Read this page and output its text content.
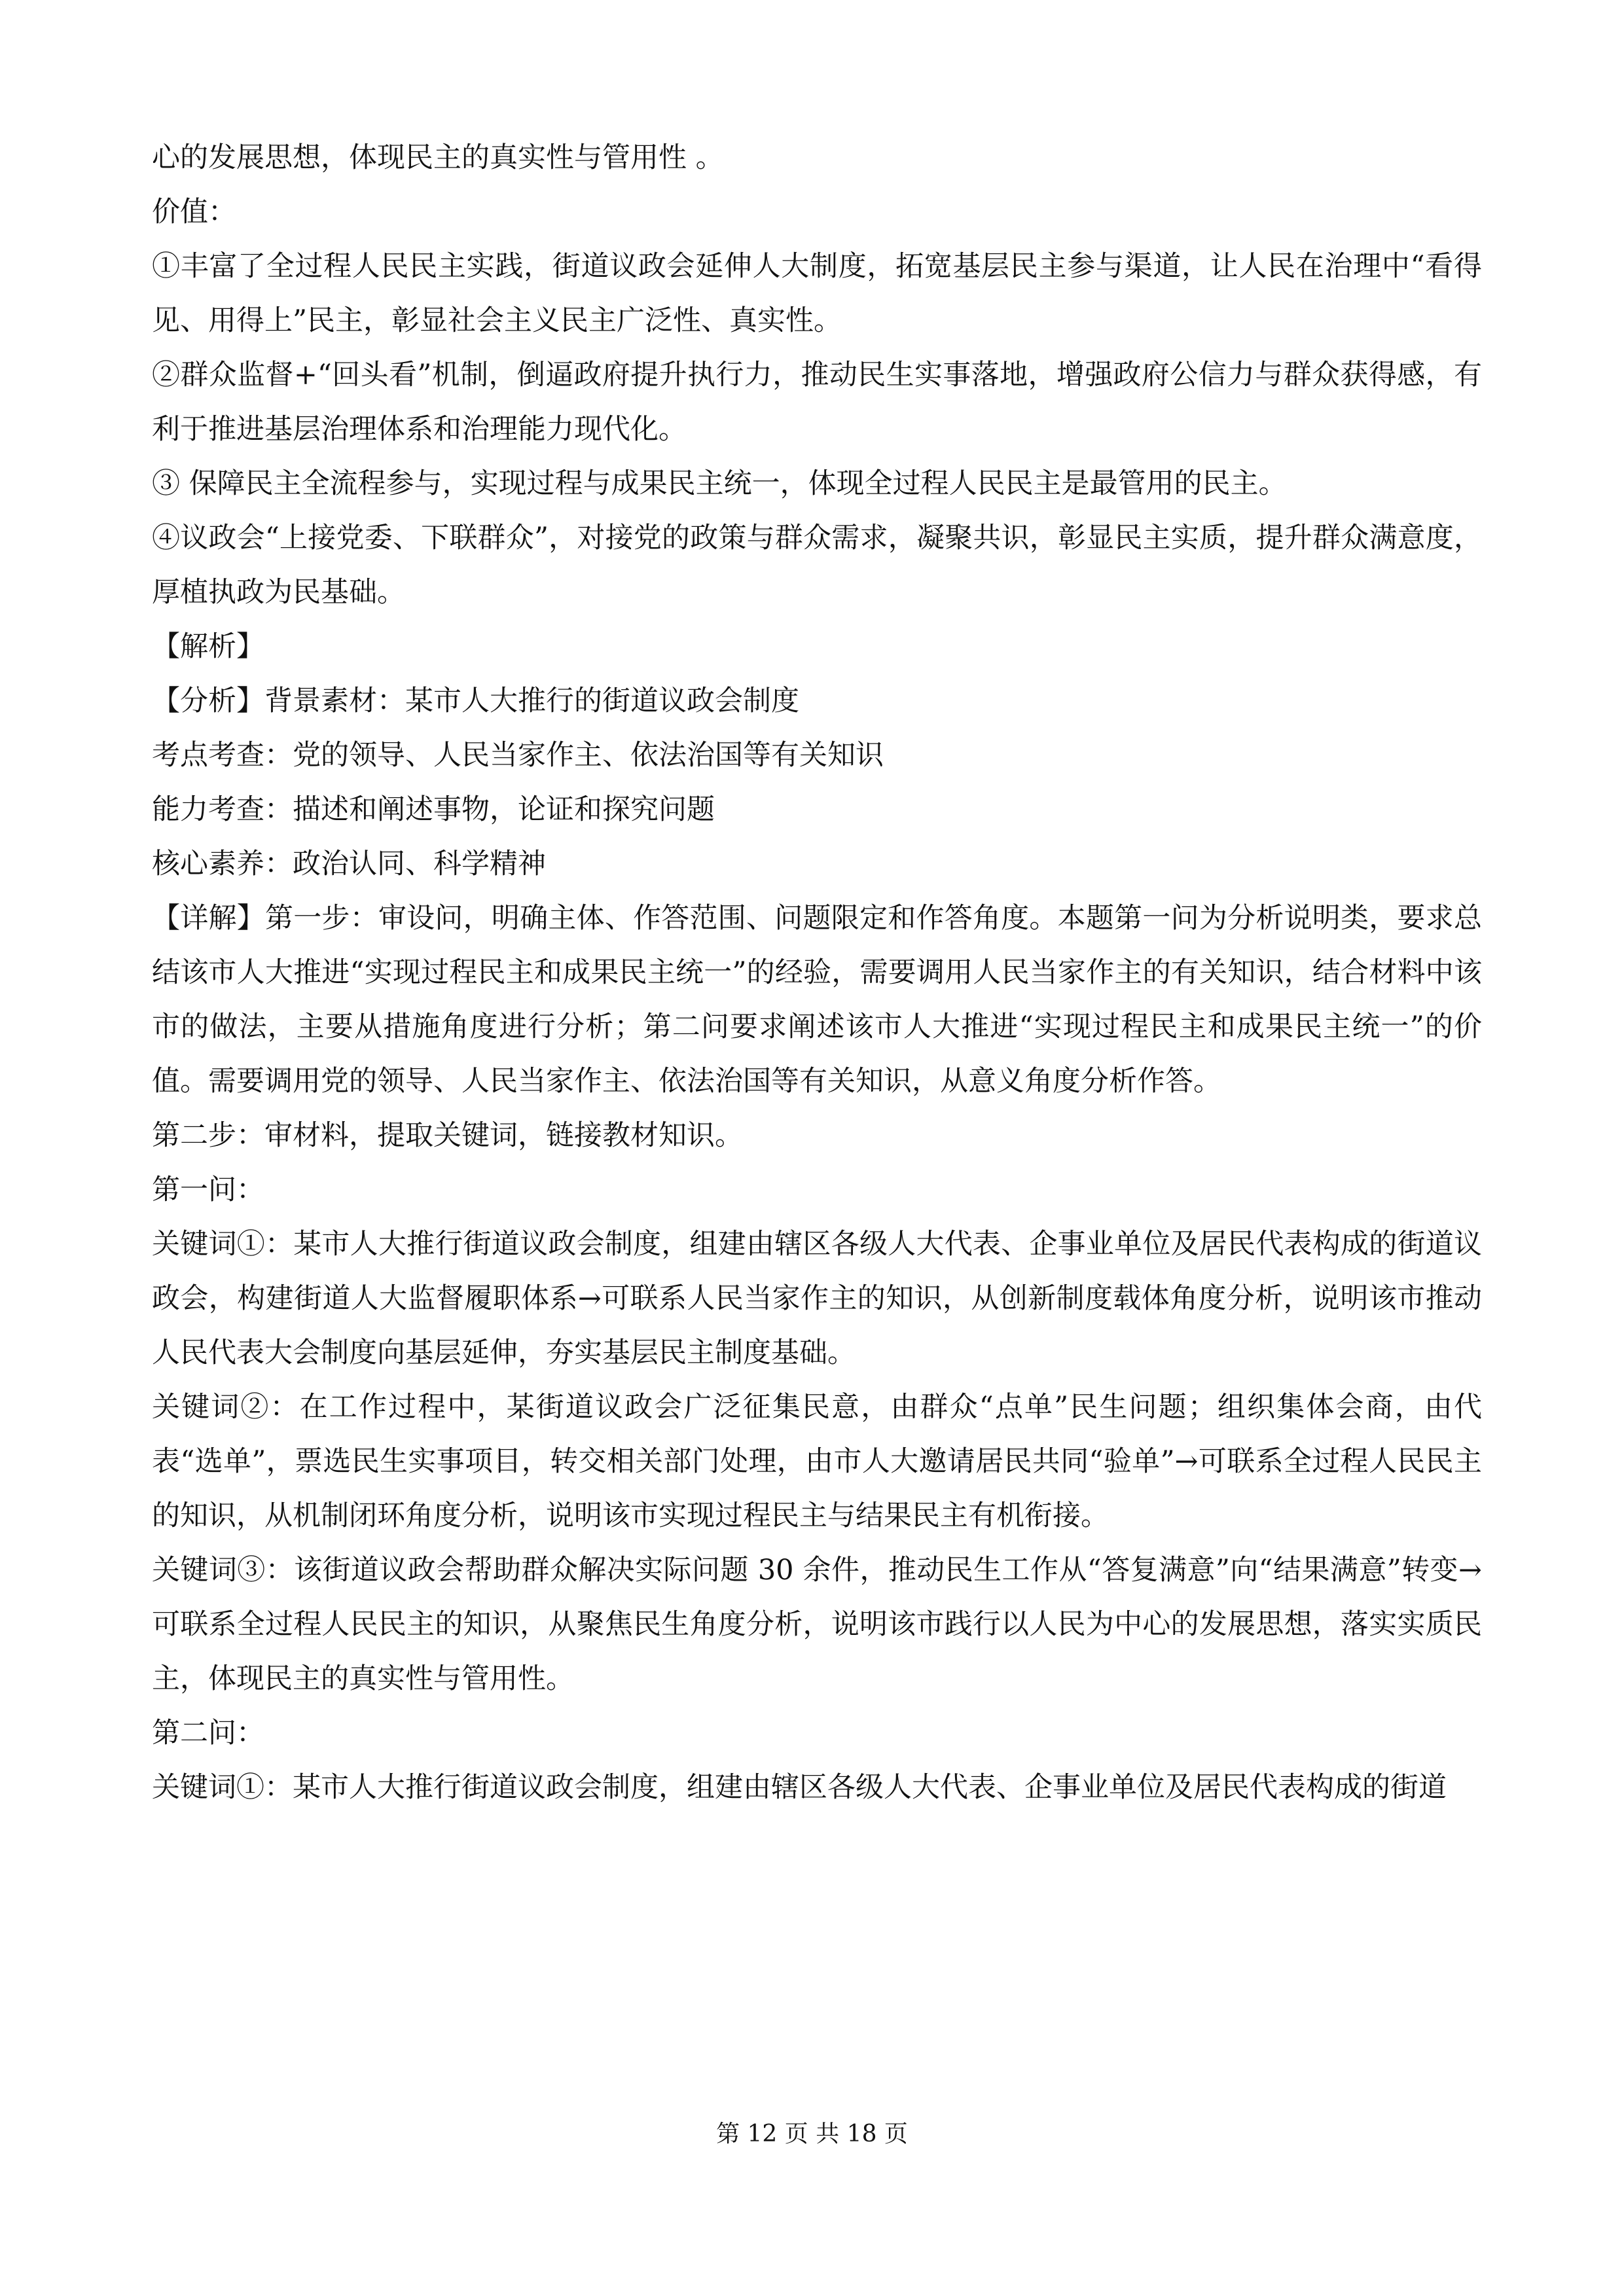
心的发展思想，体现民主的真实性与管用性 。

价值：

①丰富了全过程人民民主实践，街道议政会延伸人大制度，拓宽基层民主参与渠道，让人民在治理中“看得见、用得上”民主，彰显社会主义民主广泛性、真实性。

②群众监督+“回头看”机制，倒逼政府提升执行力，推动民生实事落地，增强政府公信力与群众获得感，有利于推进基层治理体系和治理能力现代化。

③ 保障民主全流程参与，实现过程与成果民主统一，体现全过程人民民主是最管用的民主。

④议政会“上接党委、下联群众”，对接党的政策与群众需求，凝聚共识，彰显民主实质，提升群众满意度，厚植执政为民基础。

【解析】

【分析】背景素材：某市人大推行的街道议政会制度

考点考查：党的领导、人民当家作主、依法治国等有关知识

能力考查：描述和阐述事物，论证和探究问题

核心素养：政治认同、科学精神

【详解】第一步：审设问，明确主体、作答范围、问题限定和作答角度。本题第一问为分析说明类，要求总结该市人大推进“实现过程民主和成果民主统一”的经验，需要调用人民当家作主的有关知识，结合材料中该市的做法，主要从措施角度进行分析；第二问要求阐述该市人大推进“实现过程民主和成果民主统一”的价值。需要调用党的领导、人民当家作主、依法治国等有关知识，从意义角度分析作答。

第二步：审材料，提取关键词，链接教材知识。

第一问：

关键词①：某市人大推行街道议政会制度，组建由辖区各级人大代表、企事业单位及居民代表构成的街道议政会，构建街道人大监督履职体系→可联系人民当家作主的知识，从创新制度载体角度分析，说明该市推动人民代表大会制度向基层延伸，夯实基层民主制度基础。

关键词②：在工作过程中，某街道议政会广泛征集民意，由群众“点单”民生问题；组织集体会商，由代表“选单”，票选民生实事项目，转交相关部门处理，由市人大邀请居民共同“验单”→可联系全过程人民民主的知识，从机制闭环角度分析，说明该市实现过程民主与结果民主有机衔接。

关键词③：该街道议政会帮助群众解决实际问题 30 余件，推动民生工作从“答复满意”向“结果满意”转变→可联系全过程人民民主的知识，从聚焦民生角度分析，说明该市践行以人民为中心的发展思想，落实实质民主，体现民主的真实性与管用性。

第二问：

关键词①：某市人大推行街道议政会制度，组建由辖区各级人大代表、企事业单位及居民代表构成的街道

第 12 页 共 18 页
